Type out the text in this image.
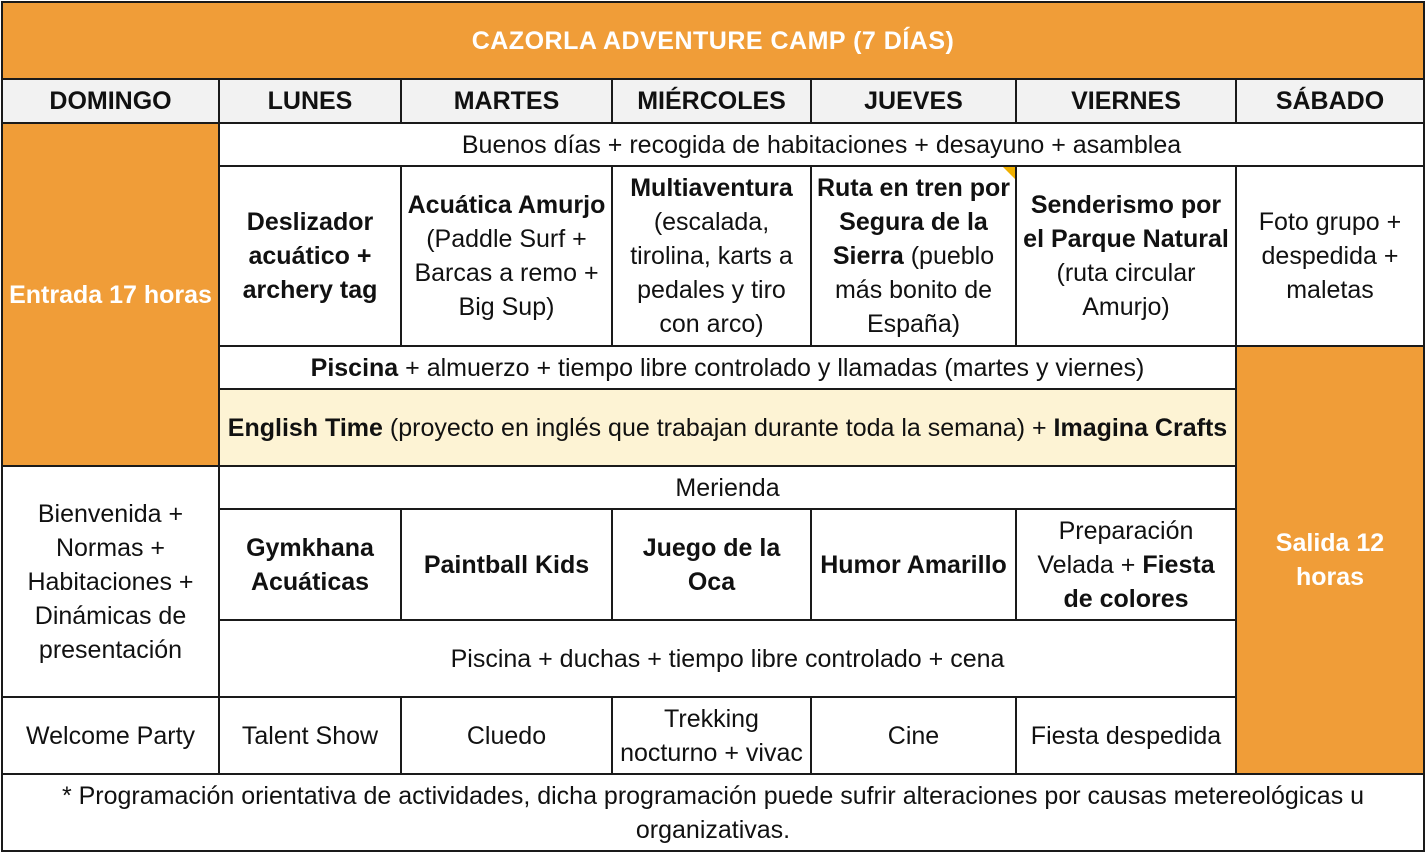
CAZORLA ADVENTURE CAMP (7 DÍAS)						
DOMINGO	LUNES	MARTES	MIÉRCOLES	JUEVES	VIERNES	SÁBADO
Entrada 17 horas	Buenos días + recogida de habitaciones + desayuno + asamblea					
	Deslizador
acuático +
archery tag	Acuática Amurjo
(Paddle Surf +
Barcas a remo +
Big Sup)	Multiaventura
(escalada,
tirolina, karts a
pedales y tiro
con arco)	Ruta en tren por
Segura de la
Sierra (pueblo
más bonito de
España)	Senderismo por
el Parque Natural
(ruta circular
Amurjo)	Foto grupo +
despedida +
maletas
	Piscina + almuerzo + tiempo libre controlado y llamadas (martes y viernes)					Salida 12 horas
	English Time (proyecto en inglés que trabajan durante toda la semana) + Imagina Crafts					
Bienvenida +
Normas +
Habitaciones +
Dinámicas de
presentación	Merienda					
	Gymkhana
Acuáticas	Paintball Kids	Juego de la Oca	Humor Amarillo	Preparación
Velada + Fiesta
de colores	
	Piscina + duchas + tiempo libre controlado + cena					
Welcome Party	Talent Show	Cluedo	Trekking
nocturno + vivac	Cine	Fiesta despedida	
* Programación orientativa de actividades, dicha programación puede sufrir alteraciones por causas metereológicas u
organizativas.						
